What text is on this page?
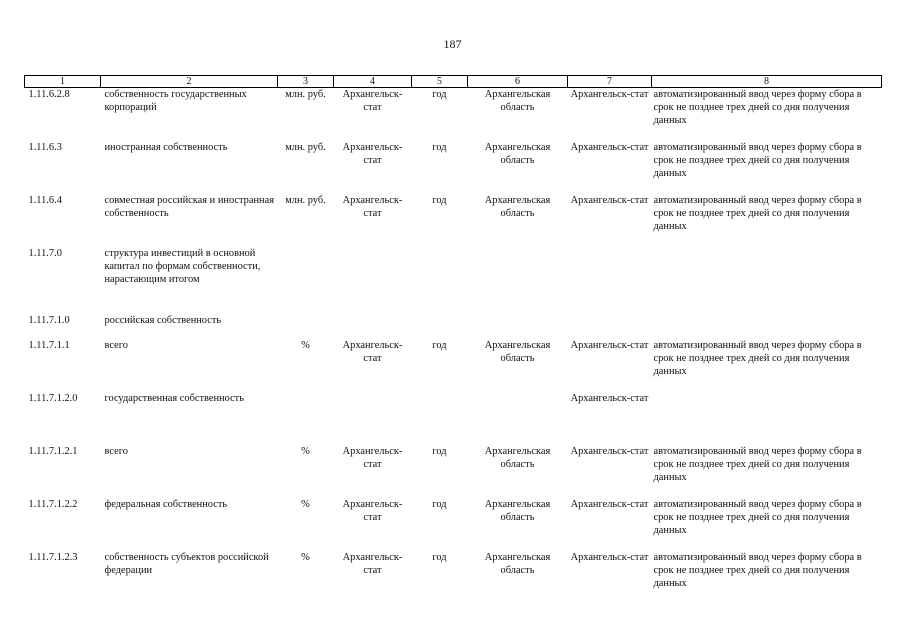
187
1	2	3	4	5	6	7	8
1.11.6.2.8	собственность государственных корпораций	млн. руб.	Архангельск-стат	год	Архангельская область	Архангельск-стат	автоматизированный ввод через форму сбора в срок не позднее трех дней со дня получения данных
1.11.6.3	иностранная собственность	млн. руб.	Архангельск-стат	год	Архангельская область	Архангельск-стат	автоматизированный ввод через форму сбора в срок не позднее трех дней со дня получения данных
1.11.6.4	совместная российская и иностранная собственность	млн. руб.	Архангельск-стат	год	Архангельская область	Архангельск-стат	автоматизированный ввод через форму сбора в срок не позднее трех дней со дня получения данных
1.11.7.0	структура инвестиций в основной капитал по формам собственности, нарастающим итогом						
1.11.7.1.0	российская собственность						
1.11.7.1.1	всего	%	Архангельск-стат	год	Архангельская область	Архангельск-стат	автоматизированный ввод через форму сбора в срок не позднее трех дней со дня получения данных
1.11.7.1.2.0	государственная собственность					Архангельск-стат	
1.11.7.1.2.1	всего	%	Архангельск-стат	год	Архангельская область	Архангельск-стат	автоматизированный ввод через форму сбора в срок не позднее трех дней со дня получения данных
1.11.7.1.2.2	федеральная собственность	%	Архангельск-стат	год	Архангельская область	Архангельск-стат	автоматизированный ввод через форму сбора в срок не позднее трех дней со дня получения данных
1.11.7.1.2.3	собственность субъектов российской федерации	%	Архангельск-стат	год	Архангельская область	Архангельск-стат	автоматизированный ввод через форму сбора в срок не позднее трех дней со дня получения данных
